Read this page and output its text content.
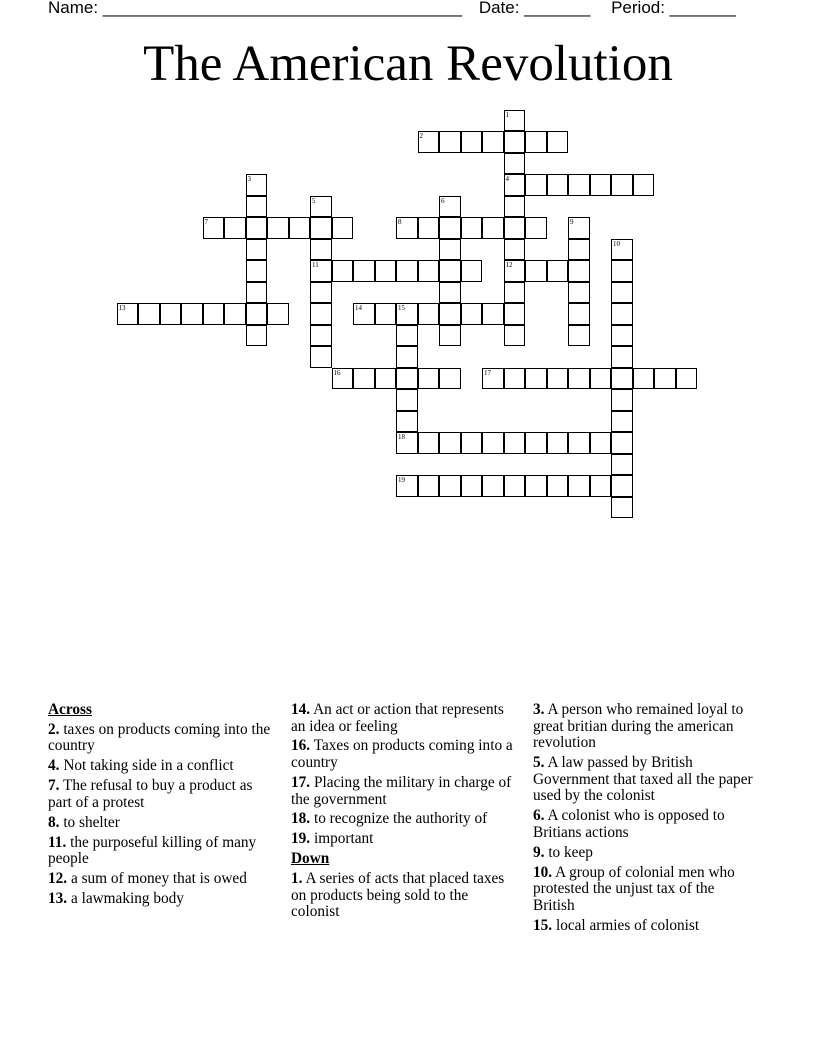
Name: ______________________________________ Date: _______ Period: _______
The American Revolution
1
4
12
2
3
5
11
6
7	8	9
10
13	14	15
16	17
18
19
Across
2. taxes on products coming into the country
4. Not taking side in a conflict
7. The refusal to buy a product as part of a protest
8. to shelter
11. the purposeful killing of many people
12. a sum of money that is owed
13. a lawmaking body
14. An act or action that represents an idea or feeling
16. Taxes on products coming into a country
17. Placing the military in charge of the government
18. to recognize the authority of
19. important
Down
1. A series of acts that placed taxes on products being sold to the colonist
3. A person who remained loyal to great britian during the american revolution
5. A law passed by British Government that taxed all the paper used by the colonist
6. A colonist who is opposed to Britians actions
9. to keep
10. A group of colonial men who protested the unjust tax of the British
15. local armies of colonist
